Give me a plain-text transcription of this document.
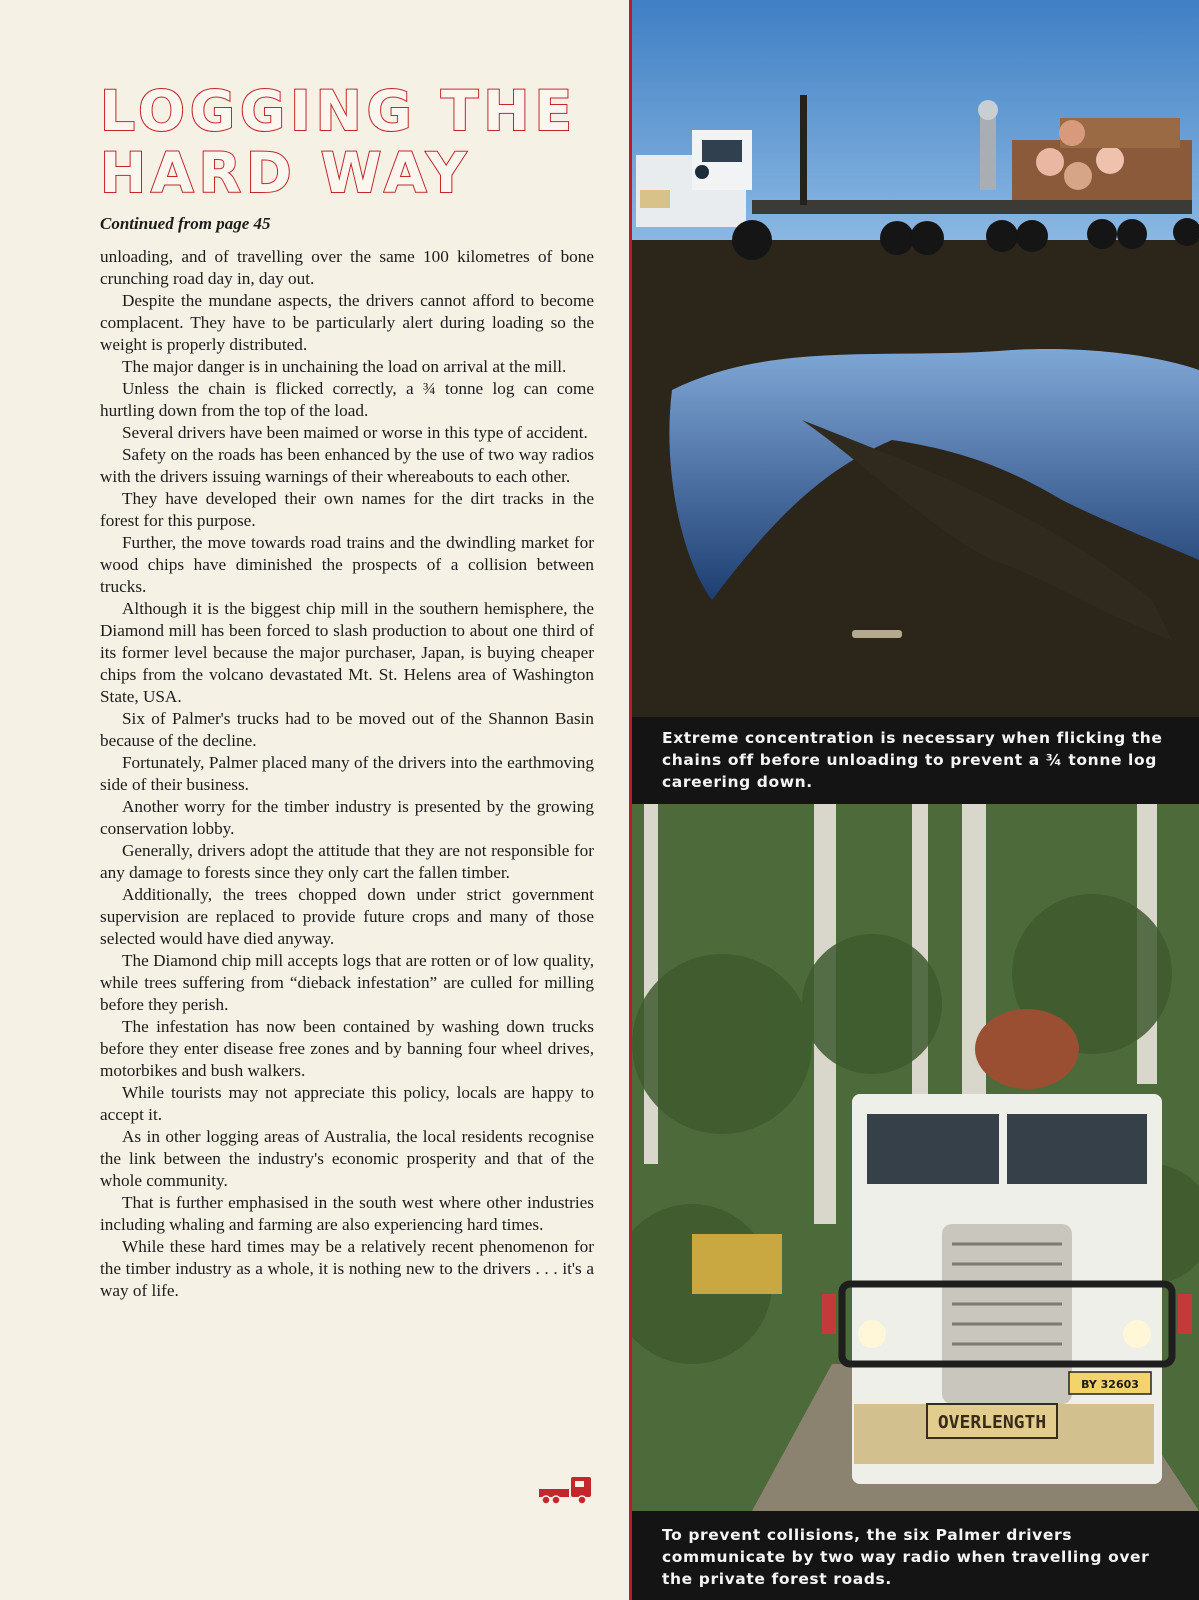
LOGGING THE HARD WAY

Continued from page 45

unloading, and of travelling over the same 100 kilometres of bone crunching road day in, day out.

Despite the mundane aspects, the drivers cannot afford to become complacent. They have to be particularly alert during loading so the weight is properly distributed.

The major danger is in unchaining the load on arrival at the mill.

Unless the chain is flicked correctly, a ¾ tonne log can come hurtling down from the top of the load.

Several drivers have been maimed or worse in this type of accident.

Safety on the roads has been enhanced by the use of two way radios with the drivers issuing warnings of their whereabouts to each other.

They have developed their own names for the dirt tracks in the forest for this purpose.

Further, the move towards road trains and the dwindling market for wood chips have diminished the prospects of a collision between trucks.

Although it is the biggest chip mill in the southern hemisphere, the Diamond mill has been forced to slash production to about one third of its former level because the major purchaser, Japan, is buying cheaper chips from the volcano devastated Mt. St. Helens area of Washington State, USA.

Six of Palmer's trucks had to be moved out of the Shannon Basin because of the decline.

Fortunately, Palmer placed many of the drivers into the earthmoving side of their business.

Another worry for the timber industry is presented by the growing conservation lobby.

Generally, drivers adopt the attitude that they are not responsible for any damage to forests since they only cart the fallen timber.

Additionally, the trees chopped down under strict government supervision are replaced to provide future crops and many of those selected would have died anyway.

The Diamond chip mill accepts logs that are rotten or of low quality, while trees suffering from “dieback infestation” are culled for milling before they perish.

The infestation has now been contained by washing down trucks before they enter disease free zones and by banning four wheel drives, motorbikes and bush walkers.

While tourists may not appreciate this policy, locals are happy to accept it.

As in other logging areas of Australia, the local residents recognise the link between the industry's economic prosperity and that of the whole community.

That is further emphasised in the south west where other industries including whaling and farming are also experiencing hard times.

While these hard times may be a relatively recent phenomenon for the timber industry as a whole, it is nothing new to the drivers . . . it's a way of life.

Extreme concentration is necessary when flicking the chains off before unloading to prevent a ¾ tonne log careering down.

OVERLENGTH
BY 32603

To prevent collisions, the six Palmer drivers communicate by two way radio when travelling over the private forest roads.
